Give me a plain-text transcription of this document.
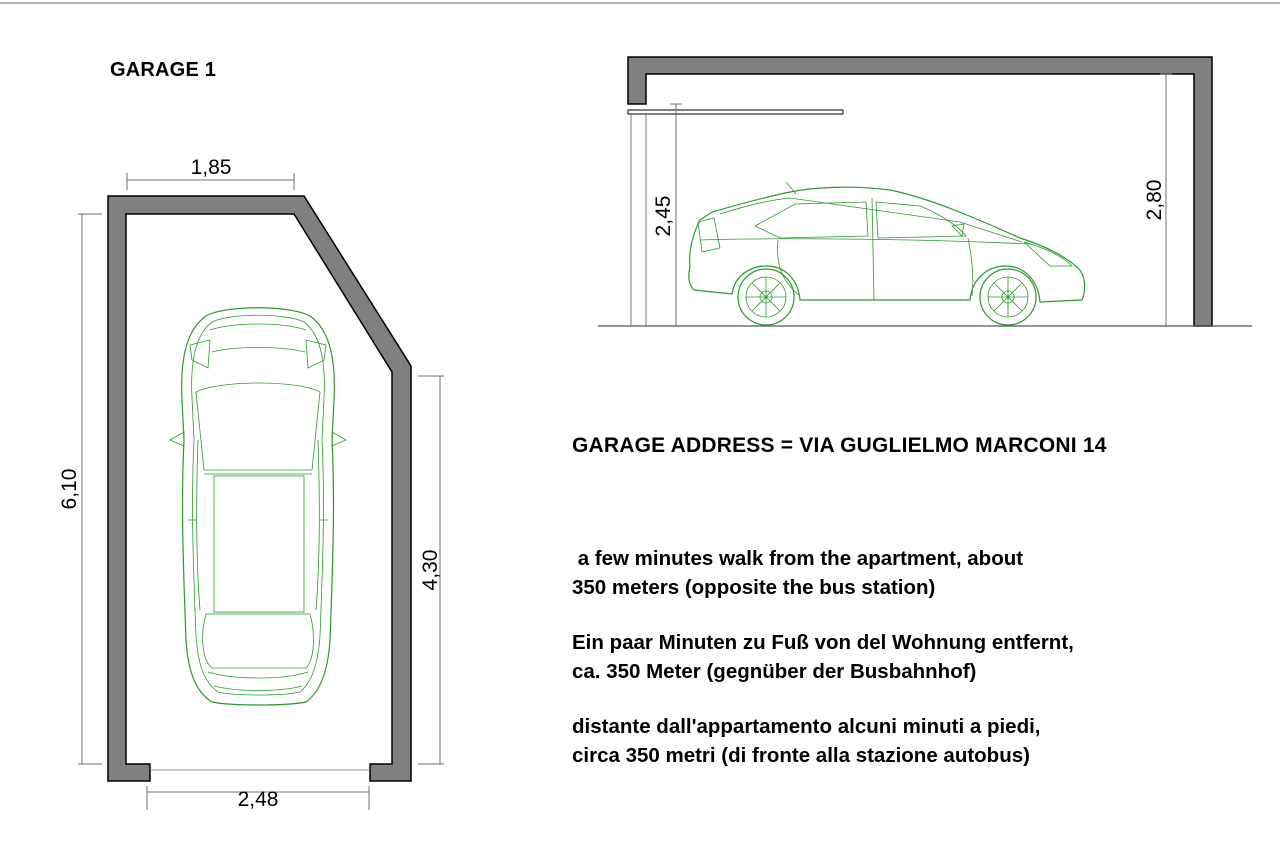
1,85
6,10
4,30
2,48
2,45	2,80
GARAGE 1
GARAGE ADDRESS = VIA GUGLIELMO MARCONI 14
a few minutes walk from the apartment, about
350 meters (opposite the bus station)
Ein paar Minuten zu Fuß von del Wohnung entfernt,
ca. 350 Meter (gegnüber der Busbahnhof)
distante dall'appartamento alcuni minuti a piedi,
circa 350 metri (di fronte alla stazione autobus)
